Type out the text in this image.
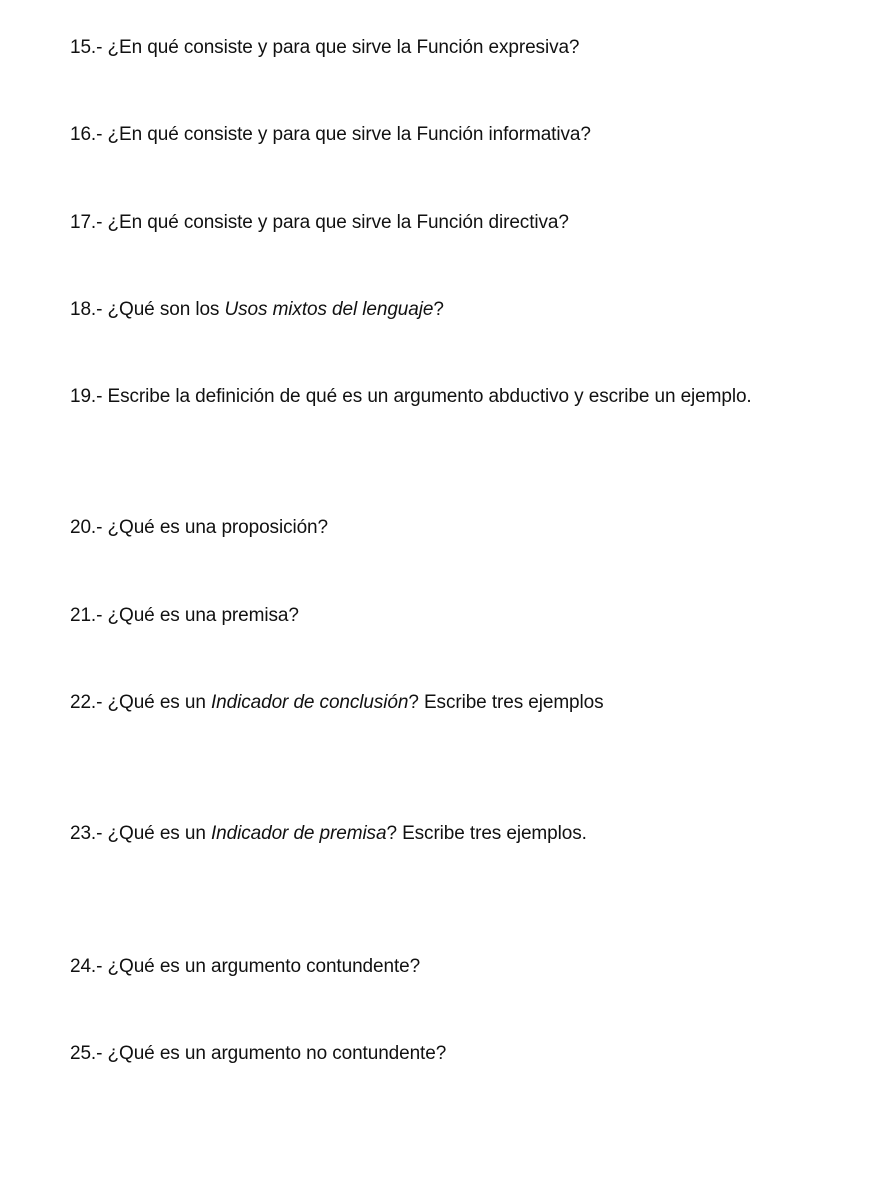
15.- ¿En qué consiste y para que sirve la Función expresiva?
16.- ¿En qué consiste y para que sirve la Función informativa?
17.- ¿En qué consiste y para que sirve la Función directiva?
18.- ¿Qué son los Usos mixtos del lenguaje?
19.- Escribe la definición de qué es un argumento abductivo y escribe un ejemplo.
20.- ¿Qué es una proposición?
21.- ¿Qué es una premisa?
22.- ¿Qué es un Indicador de conclusión? Escribe tres ejemplos
23.- ¿Qué es un Indicador de premisa? Escribe tres ejemplos.
24.- ¿Qué es un argumento contundente?
25.- ¿Qué es un argumento no contundente?
